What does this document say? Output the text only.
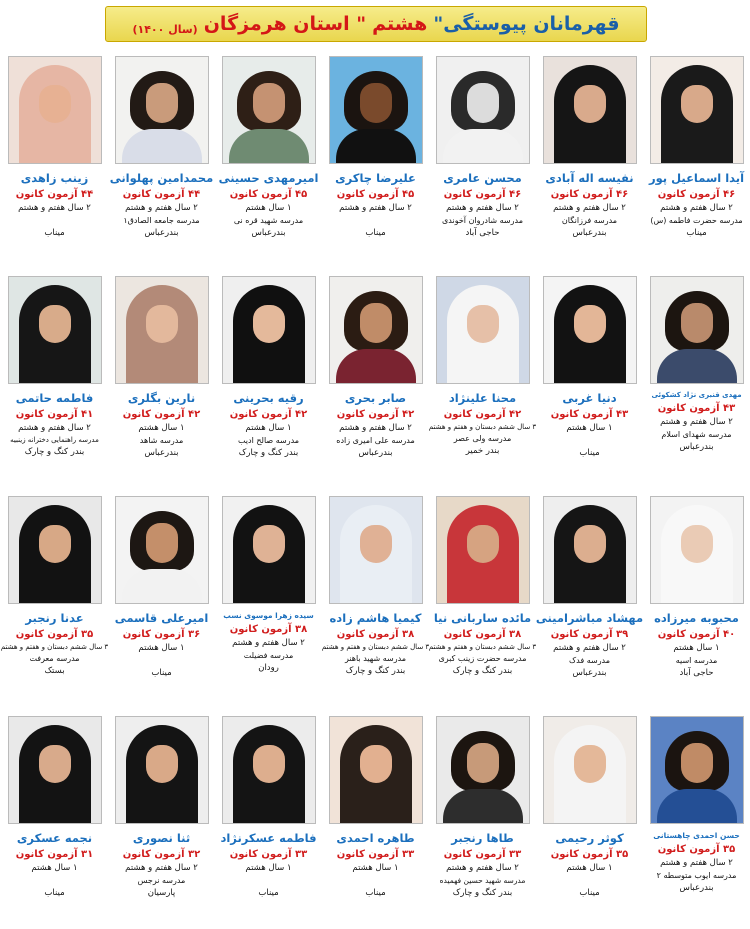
قهرمانان پیوستگی"
هشتم
" استان هرمزگان
(سال ۱۴۰۰)
آیدا اسماعیل پور
۴۶ آزمون کانون
۲ سال هفتم و هشتم
مدرسه حضرت فاطمه (س)
میناب
نفیسه اله آبادی
۴۶ آزمون کانون
۲ سال هفتم و هشتم
مدرسه فرزانگان
بندرعباس
محسن عامری
۴۶ آزمون کانون
۲ سال هفتم و هشتم
مدرسه شادروان آخوندی
حاجی آباد
علیرضا چاکری
۴۵ آزمون کانون
۲ سال هفتم و هشتم

میناب
امیرمهدی حسینی
۴۵ آزمون کانون
۱ سال هشتم
مدرسه شهید قره نی
بندرعباس
محمدامین پهلوانی
۴۴ آزمون کانون
۲ سال هفتم و هشتم
مدرسه جامعه الصادق۱
بندرعباس
زینب زاهدی
۴۴ آزمون کانون
۲ سال هفتم و هشتم

میناب
مهدی قنبری نژاد کشکوئی
۴۳ آزمون کانون
۲ سال هفتم و هشتم
مدرسه شهدای اسلام
بندرعباس
دنیا غربی
۴۳ آزمون کانون
۱ سال هشتم

میناب
محنا علینژاد
۴۲ آزمون کانون
۳ سال ششم دبستان و هفتم و هشتم
مدرسه ولی عصر
بندر خمیر
صابر بحری
۴۲ آزمون کانون
۲ سال هفتم و هشتم
مدرسه علی امیری زاده
بندرعباس
رقیه بحرینی
۴۲ آزمون کانون
۱ سال هشتم
مدرسه صالح ادیب
بندر کنگ و چارک
نارین بگلری
۴۲ آزمون کانون
۱ سال هشتم
مدرسه شاهد
بندرعباس
فاطمه حاتمی
۴۱ آزمون کانون
۲ سال هفتم و هشتم
مدرسه راهنمایی دخترانه زینبیه
بندر کنگ و چارک
محبوبه میرزاده
۴۰ آزمون کانون
۱ سال هشتم
مدرسه اسیه
حاجی آباد
مهشاد مباشرامینی
۳۹ آزمون کانون
۲ سال هفتم و هشتم
مدرسه فدک
بندرعباس
مائده ساربانی نیا
۳۸ آزمون کانون
۳ سال ششم دبستان و هفتم و هشتم
مدرسه حضرت زینب کبری
بندر کنگ و چارک
کیمیا هاشم زاده
۳۸ آزمون کانون
۳ سال ششم دبستان و هفتم و هشتم
مدرسه شهید باهنر
بندر کنگ و چارک
سیده زهرا موسوی نسب
۳۸ آزمون کانون
۲ سال هفتم و هشتم
مدرسه فضیلت
رودان
امیرعلی قاسمی
۳۶ آزمون کانون
۱ سال هشتم

میناب
عدنا رنجبر
۳۵ آزمون کانون
۳ سال ششم دبستان و هفتم و هشتم
مدرسه معرفت
بستک
حسن احمدی چاهستانی
۳۵ آزمون کانون
۲ سال هفتم و هشتم
مدرسه ایوب متوسطه ۲
بندرعباس
کوثر رحیمی
۳۵ آزمون کانون
۱ سال هشتم

میناب
طاها رنجبر
۳۳ آزمون کانون
۲ سال هفتم و هشتم
مدرسه شهید حسین فهمیده
بندر کنگ و چارک
طاهره احمدی
۳۳ آزمون کانون
۱ سال هشتم

میناب
فاطمه عسکرنژاد
۳۳ آزمون کانون
۱ سال هشتم

میناب
ثنا نصوری
۳۲ آزمون کانون
۲ سال هفتم و هشتم
مدرسه نرجس
پارسیان
نجمه عسکری
۳۱ آزمون کانون
۱ سال هشتم

میناب
